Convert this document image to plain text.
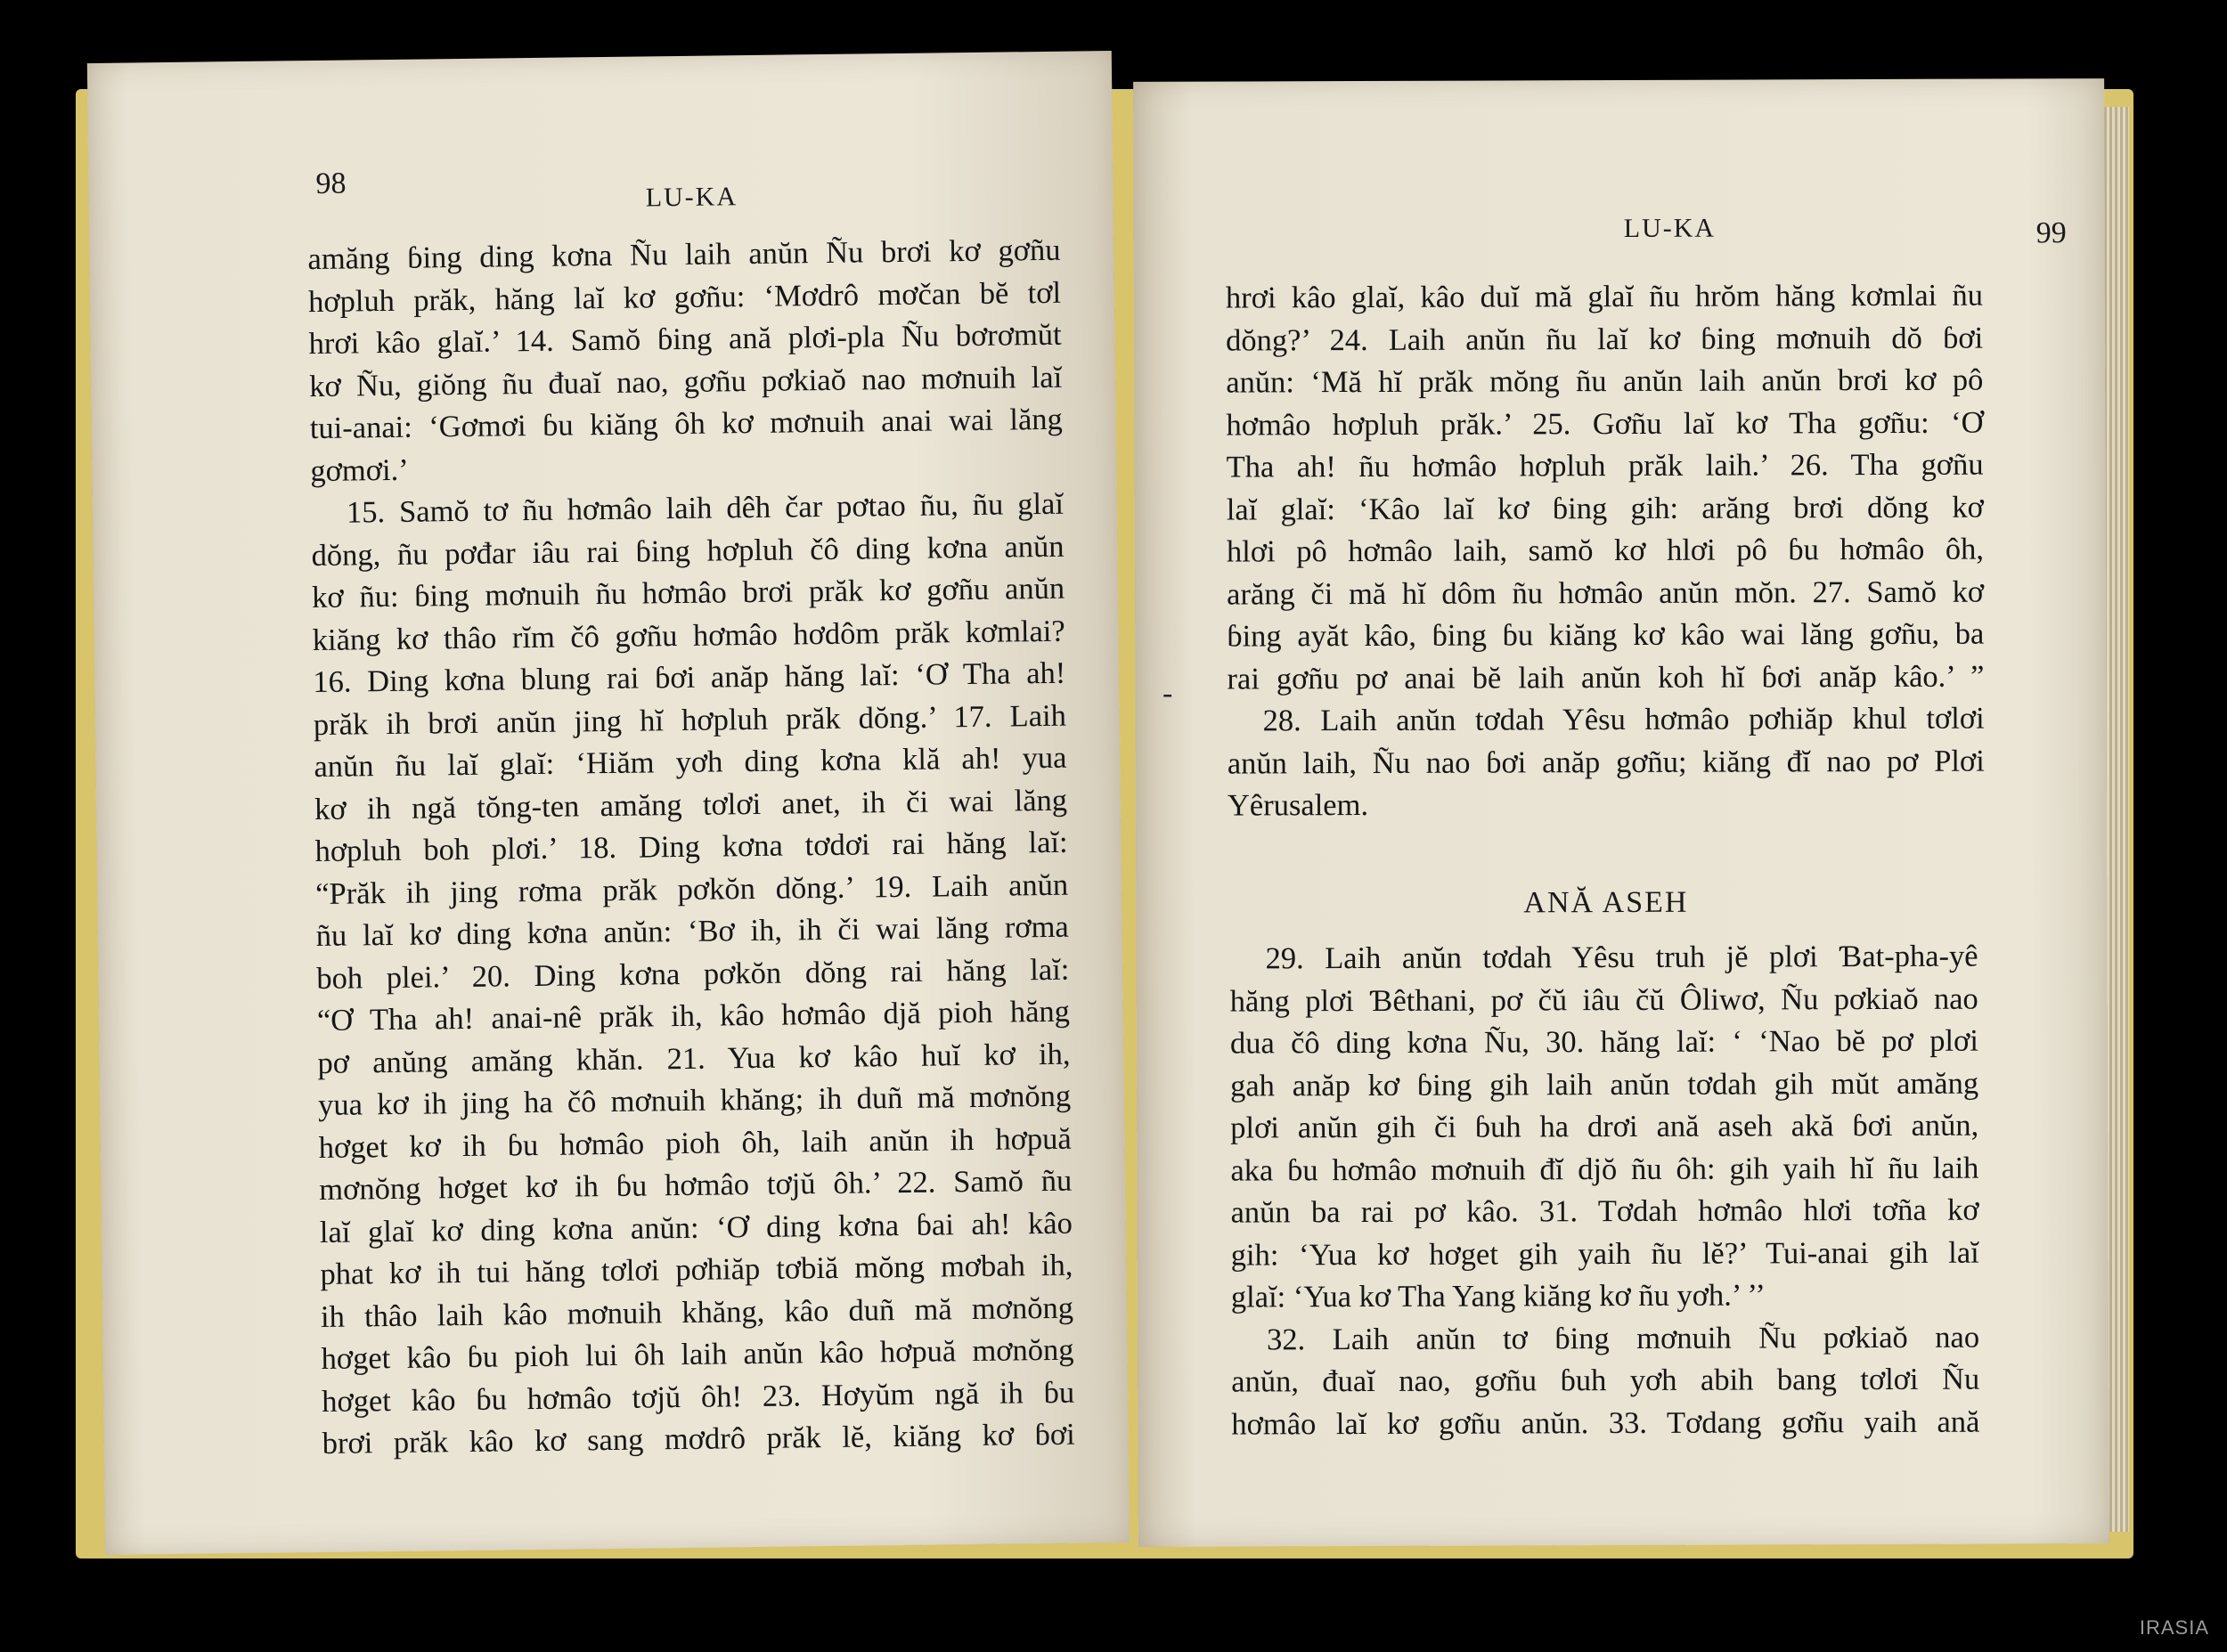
98	LU-KA
amăng ɓing ding kơna Ñu laih anŭn Ñu brơi kơ gơñu
hơpluh prăk, hăng laĭ kơ gơñu: ‘Mơdrô mơčan bĕ tơl
hrơi kâo glaĭ.’ 14. Samŏ ɓing ană plơi-pla Ñu bơrơmŭt
kơ Ñu, giŏng ñu đuaĭ nao, gơñu pơkiaŏ nao mơnuih laĭ
tui-anai: ‘Gơmơi ɓu kiăng ôh kơ mơnuih anai wai lăng
gơmơi.’
15. Samŏ tơ ñu hơmâo laih dêh čar pơtao ñu, ñu glaĭ
dŏng, ñu pơđar iâu rai ɓing hơpluh čô ding kơna anŭn
kơ ñu: ɓing mơnuih ñu hơmâo brơi prăk kơ gơñu anŭn
kiăng kơ thâo rĭm čô gơñu hơmâo hơdôm prăk kơmlai?
16. Ding kơna blung rai ɓơi anăp hăng laĭ: ‘Ơ Tha ah!
prăk ih brơi anŭn jing hĭ hơpluh prăk dŏng.’ 17. Laih
anŭn ñu laĭ glaĭ: ‘Hiăm yơh ding kơna klă ah! yua
kơ ih ngă tŏng-ten amăng tơlơi anet, ih či wai lăng
hơpluh boh plơi.’ 18. Ding kơna tơdơi rai hăng laĭ:
“Prăk ih jing rơma prăk pơkŏn dŏng.’ 19. Laih anŭn
ñu laĭ kơ ding kơna anŭn: ‘Bơ ih, ih či wai lăng rơma
boh plei.’ 20. Ding kơna pơkŏn dŏng rai hăng laĭ:
“Ơ Tha ah! anai-nê prăk ih, kâo hơmâo djă pioh hăng
pơ anŭng amăng khăn. 21. Yua kơ kâo huĭ kơ ih,
yua kơ ih jing ha čô mơnuih khăng; ih duñ mă mơnŏng
hơget kơ ih ɓu hơmâo pioh ôh, laih anŭn ih hơpuă
mơnŏng hơget kơ ih ɓu hơmâo tơjŭ ôh.’ 22. Samŏ ñu
laĭ glaĭ kơ ding kơna anŭn: ‘Ơ ding kơna ɓai ah! kâo
phat kơ ih tui hăng tơlơi pơhiăp tơbiă mŏng mơbah ih,
ih thâo laih kâo mơnuih khăng, kâo duñ mă mơnŏng
hơget kâo ɓu pioh lui ôh laih anŭn kâo hơpuă mơnŏng
hơget kâo ɓu hơmâo tơjŭ ôh! 23. Hơyŭm ngă ih ɓu
brơi prăk kâo kơ sang mơdrô prăk lĕ, kiăng kơ ɓơi
LU-KA	99
hrơi kâo glaĭ, kâo duĭ mă glaĭ ñu hrŏm hăng kơmlai ñu
dŏng?’ 24. Laih anŭn ñu laĭ kơ ɓing mơnuih dŏ ɓơi
anŭn: ‘Mă hĭ prăk mŏng ñu anŭn laih anŭn brơi kơ pô
hơmâo hơpluh prăk.’ 25. Gơñu laĭ kơ Tha gơñu: ‘Ơ
Tha ah! ñu hơmâo hơpluh prăk laih.’ 26. Tha gơñu
laĭ glaĭ: ‘Kâo laĭ kơ ɓing gih: arăng brơi dŏng kơ
hlơi pô hơmâo laih, samŏ kơ hlơi pô ɓu hơmâo ôh,
arăng či mă hĭ dôm ñu hơmâo anŭn mŏn. 27. Samŏ kơ
ɓing ayăt kâo, ɓing ɓu kiăng kơ kâo wai lăng gơñu, ba
rai gơñu pơ anai bĕ laih anŭn koh hĭ ɓơi anăp kâo.’ ”
28. Laih anŭn tơdah Yêsu hơmâo pơhiăp khul tơlơi
anŭn laih, Ñu nao ɓơi anăp gơñu; kiăng đĭ nao pơ Plơi
Yêrusalem.
ANĂ ASEH
29. Laih anŭn tơdah Yêsu truh jĕ plơi Ɓat-pha-yê
hăng plơi Ɓêthani, pơ čŭ iâu čŭ Ôliwơ, Ñu pơkiaŏ nao
dua čô ding kơna Ñu, 30. hăng laĭ: ‘ ‘Nao bĕ pơ plơi
gah anăp kơ ɓing gih laih anŭn tơdah gih mŭt amăng
plơi anŭn gih či ɓuh ha drơi ană aseh akă ɓơi anŭn,
aka ɓu hơmâo mơnuih đĭ djŏ ñu ôh: gih yaih hĭ ñu laih
anŭn ba rai pơ kâo. 31. Tơdah hơmâo hlơi tơña kơ
gih: ‘Yua kơ hơget gih yaih ñu lĕ?’ Tui-anai gih laĭ
glaĭ: ‘Yua kơ Tha Yang kiăng kơ ñu yơh.’ ’’
32. Laih anŭn tơ ɓing mơnuih Ñu pơkiaŏ nao
anŭn, đuaĭ nao, gơñu ɓuh yơh abih bang tơlơi Ñu
hơmâo laĭ kơ gơñu anŭn. 33. Tơdang gơñu yaih ană
-
IRASIA
